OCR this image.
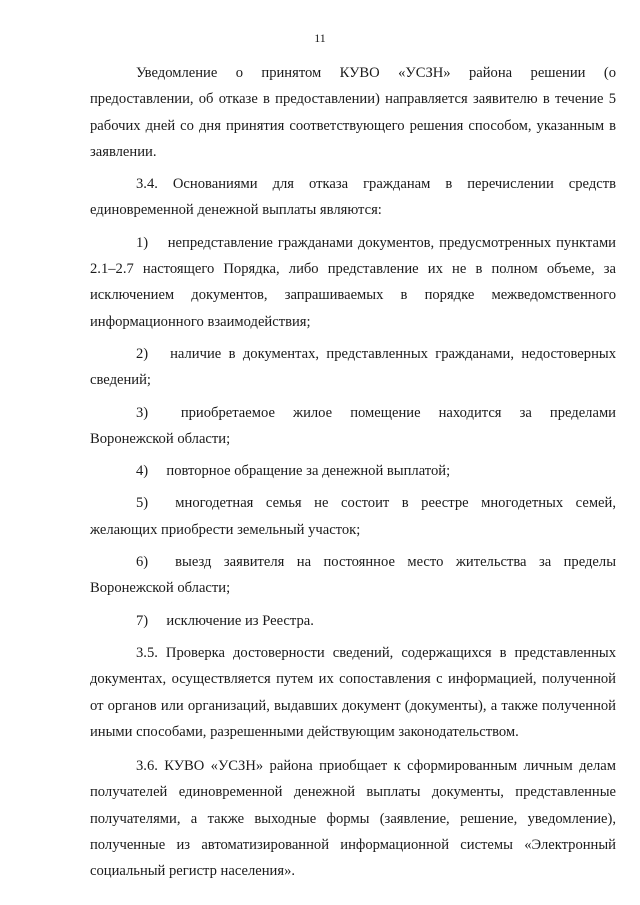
11

Уведомление о принятом КУВО «УСЗН» района решении (о предоставлении, об отказе в предоставлении) направляется заявителю в течение 5 рабочих дней со дня принятия соответствующего решения способом, указанным в заявлении.

3.4. Основаниями для отказа гражданам в перечислении средств единовременной денежной выплаты являются:

1)  непредставление гражданами документов, предусмотренных пунктами 2.1–2.7 настоящего Порядка, либо представление их не в полном объеме, за исключением документов, запрашиваемых в порядке межведомственного информационного взаимодействия;

2)  наличие в документах, представленных гражданами, недостоверных сведений;

3)  приобретаемое жилое помещение находится за пределами Воронежской области;

4)  повторное обращение за денежной выплатой;

5)  многодетная семья не состоит в реестре многодетных семей, желающих приобрести земельный участок;

6)  выезд заявителя на постоянное место жительства за пределы Воронежской области;

7)  исключение из Реестра.

3.5. Проверка достоверности сведений, содержащихся в представленных документах, осуществляется путем их сопоставления с информацией, полученной от органов или организаций, выдавших документ (документы), а также полученной иными способами, разрешенными действующим законодательством.

3.6. КУВО «УСЗН» района приобщает к сформированным личным делам получателей единовременной денежной выплаты документы, представленные получателями, а также выходные формы (заявление, решение, уведомление), полученные из автоматизированной информационной системы «Электронный социальный регистр населения».
